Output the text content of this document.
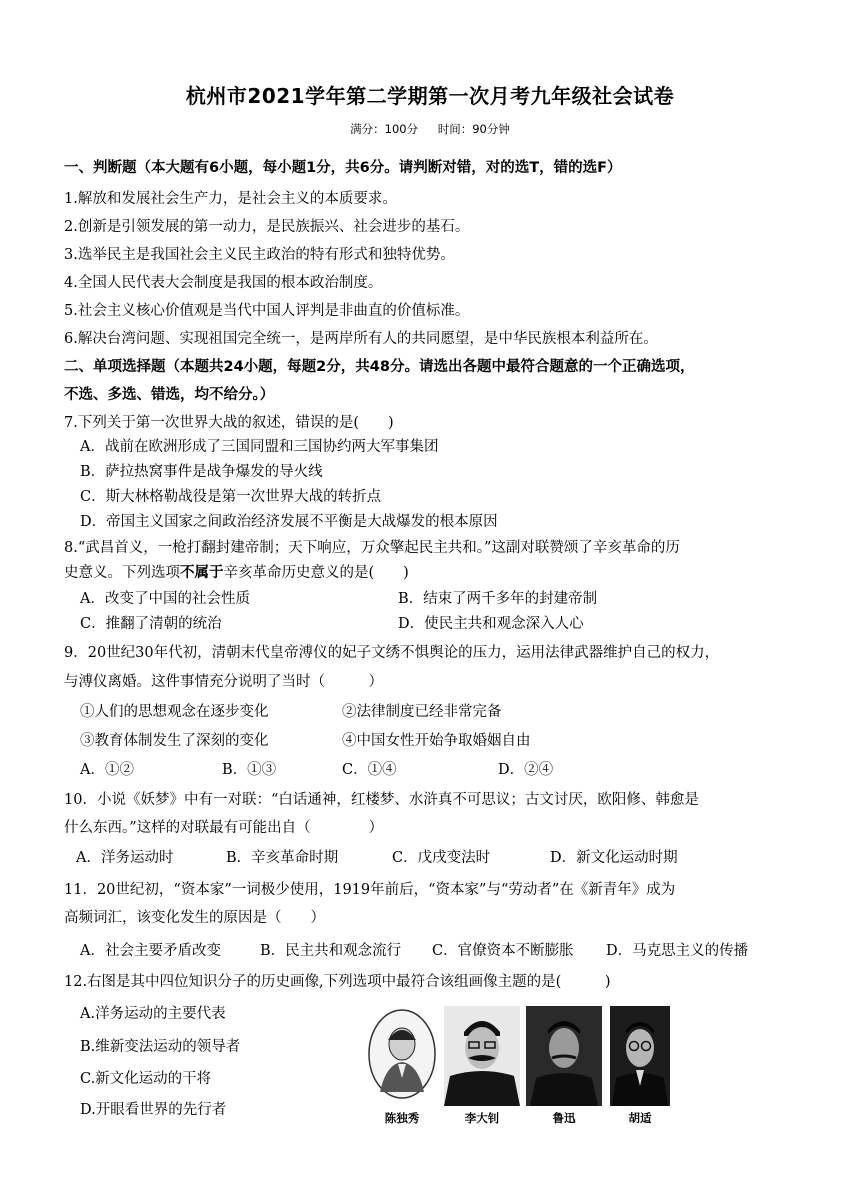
杭州市2021学年第二学期第一次月考九年级社会试卷
满分：100分 时间：90分钟
一、判断题（本大题有6小题，每小题1分，共6分。请判断对错，对的选T，错的选F）
1.解放和发展社会生产力，是社会主义的本质要求。
2.创新是引领发展的第一动力，是民族振兴、社会进步的基石。
3.选举民主是我国社会主义民主政治的特有形式和独特优势。
4.全国人民代表大会制度是我国的根本政治制度。
5.社会主义核心价值观是当代中国人评判是非曲直的价值标准。
6.解决台湾问题、实现祖国完全统一，是两岸所有人的共同愿望，是中华民族根本利益所在。
二、单项选择题（本题共24小题，每题2分，共48分。请选出各题中最符合题意的一个正确选项，
不选、多选、错选，均不给分。）
7.下列关于第一次世界大战的叙述，错误的是(　　)
A．战前在欧洲形成了三国同盟和三国协约两大军事集团
B．萨拉热窝事件是战争爆发的导火线
C．斯大林格勒战役是第一次世界大战的转折点
D．帝国主义国家之间政治经济发展不平衡是大战爆发的根本原因
8.“武昌首义，一枪打翻封建帝制；天下响应，万众擎起民主共和。”这副对联赞颂了辛亥革命的历
史意义。下列选项不属于辛亥革命历史意义的是(　　)
A．改变了中国的社会性质	B．结束了两千多年的封建帝制
C．推翻了清朝的统治	D．使民主共和观念深入人心
9．20世纪30年代初，清朝末代皇帝溥仪的妃子文绣不惧舆论的压力，运用法律武器维护自己的权力，
与溥仪离婚。这件事情充分说明了当时（　　　）
①人们的思想观念在逐步变化	②法律制度已经非常完备
③教育体制发生了深刻的变化	④中国女性开始争取婚姻自由
A．①②	B．①③	C．①④	D．②④
10．小说《妖梦》中有一对联：“白话通神，红楼梦、水浒真不可思议；古文讨厌，欧阳修、韩愈是
什么东西。”这样的对联最有可能出自（　　　　）
A．洋务运动时	B．辛亥革命时期	C．戊戌变法时	D．新文化运动时期
11．20世纪初，“资本家”一词极少使用，1919年前后，“资本家”与“劳动者”在《新青年》成为
高频词汇，该变化发生的原因是（　　）
A．社会主要矛盾改变	B．民主共和观念流行 C．官僚资本不断膨胀 D．马克思主义的传播
12.右图是其中四位知识分子的历史画像,下列选项中最符合该组画像主题的是(　　　)
A.洋务运动的主要代表
B.维新变法运动的领导者
C.新文化运动的干将
D.开眼看世界的先行者	陈独秀	李大钊	鲁迅	胡适
